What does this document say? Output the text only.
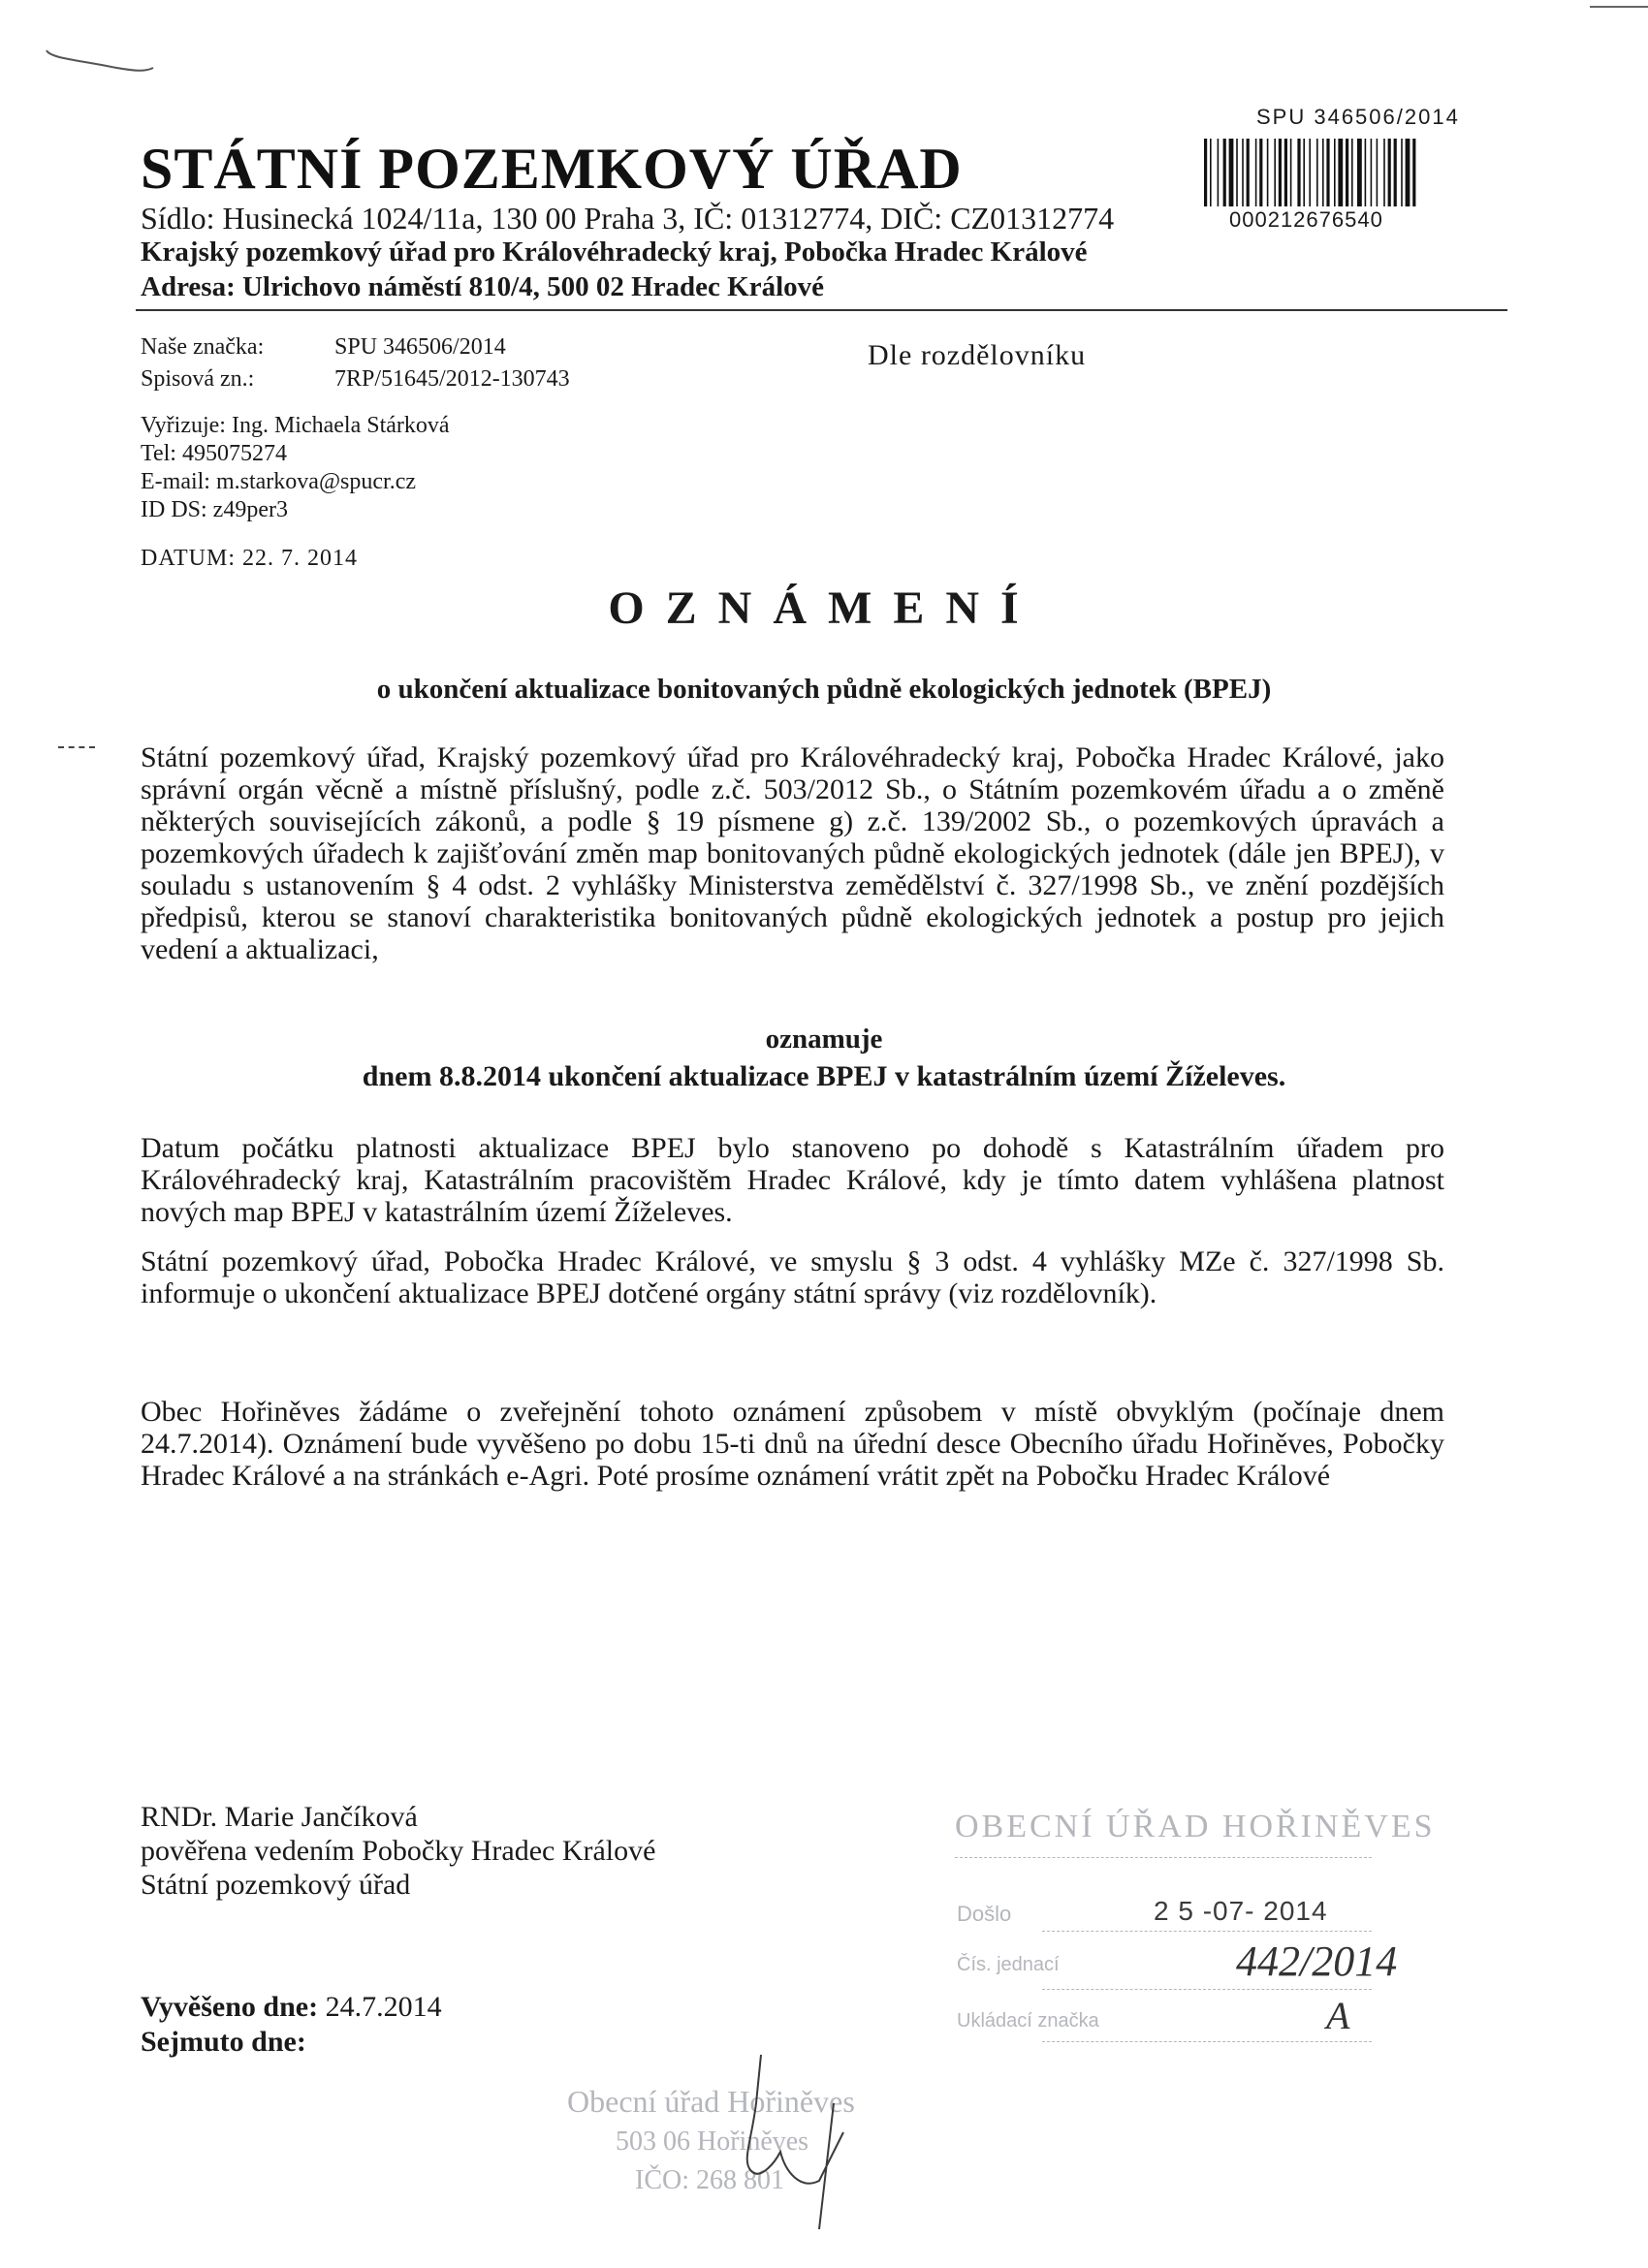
STÁTNÍ POZEMKOVÝ ÚŘAD
Sídlo: Husinecká 1024/11a, 130 00 Praha 3, IČ: 01312774, DIČ: CZ01312774
Krajský pozemkový úřad pro Královéhradecký kraj, Pobočka Hradec Králové
Adresa: Ulrichovo náměstí 810/4, 500 02 Hradec Králové
SPU 346506/2014
000212676540
Naše značka:	SPU 346506/2014
Spisová zn.:	7RP/51645/2012-130743
Dle rozdělovníku
Vyřizuje: Ing. Michaela Stárková
Tel: 495075274
E-mail: m.starkova@spucr.cz
ID DS: z49per3
DATUM: 22. 7. 2014
OZNÁMENÍ
o ukončení aktualizace bonitovaných půdně ekologických jednotek (BPEJ)
Státní pozemkový úřad, Krajský pozemkový úřad pro Královéhradecký kraj, Pobočka Hradec Králové, jako správní orgán věcně a místně příslušný, podle z.č. 503/2012 Sb., o Státním pozemkovém úřadu a o změně některých souvisejících zákonů, a podle § 19 písmene g) z.č. 139/2002 Sb., o pozemkových úpravách a pozemkových úřadech k zajišťování změn map bonitovaných půdně ekologických jednotek (dále jen BPEJ), v souladu s ustanovením § 4 odst. 2 vyhlášky Ministerstva zemědělství č. 327/1998 Sb., ve znění pozdějších předpisů, kterou se stanoví charakteristika bonitovaných půdně ekologických jednotek a postup pro jejich vedení a aktualizaci,
oznamuje
dnem 8.8.2014 ukončení aktualizace BPEJ v katastrálním území Žíželeves.
Datum počátku platnosti aktualizace BPEJ bylo stanoveno po dohodě s Katastrálním úřadem pro Královéhradecký kraj, Katastrálním pracovištěm Hradec Králové, kdy je tímto datem vyhlášena platnost nových map BPEJ v katastrálním území Žíželeves.
Státní pozemkový úřad, Pobočka Hradec Králové, ve smyslu § 3 odst. 4 vyhlášky MZe č. 327/1998 Sb. informuje o ukončení aktualizace BPEJ dotčené orgány státní správy (viz rozdělovník).
Obec Hořiněves žádáme o zveřejnění tohoto oznámení způsobem v místě obvyklým (počínaje dnem 24.7.2014). Oznámení bude vyvěšeno po dobu 15-ti dnů na úřední desce Obecního úřadu Hořiněves, Pobočky Hradec Králové a na stránkách e-Agri. Poté prosíme oznámení vrátit zpět na Pobočku Hradec Králové
RNDr. Marie Jančíková
pověřena vedením Pobočky Hradec Králové
Státní pozemkový úřad
Vyvěšeno dne: 24.7.2014
Sejmuto dne:
OBECNÍ ÚŘAD HOŘINĚVES
Došlo	2 5 -07- 2014
Čís. jednací	442/2014
Ukládací značka	A
Obecní úřad Hořiněves
503 06 Hořiněves
IČO: 268 801
